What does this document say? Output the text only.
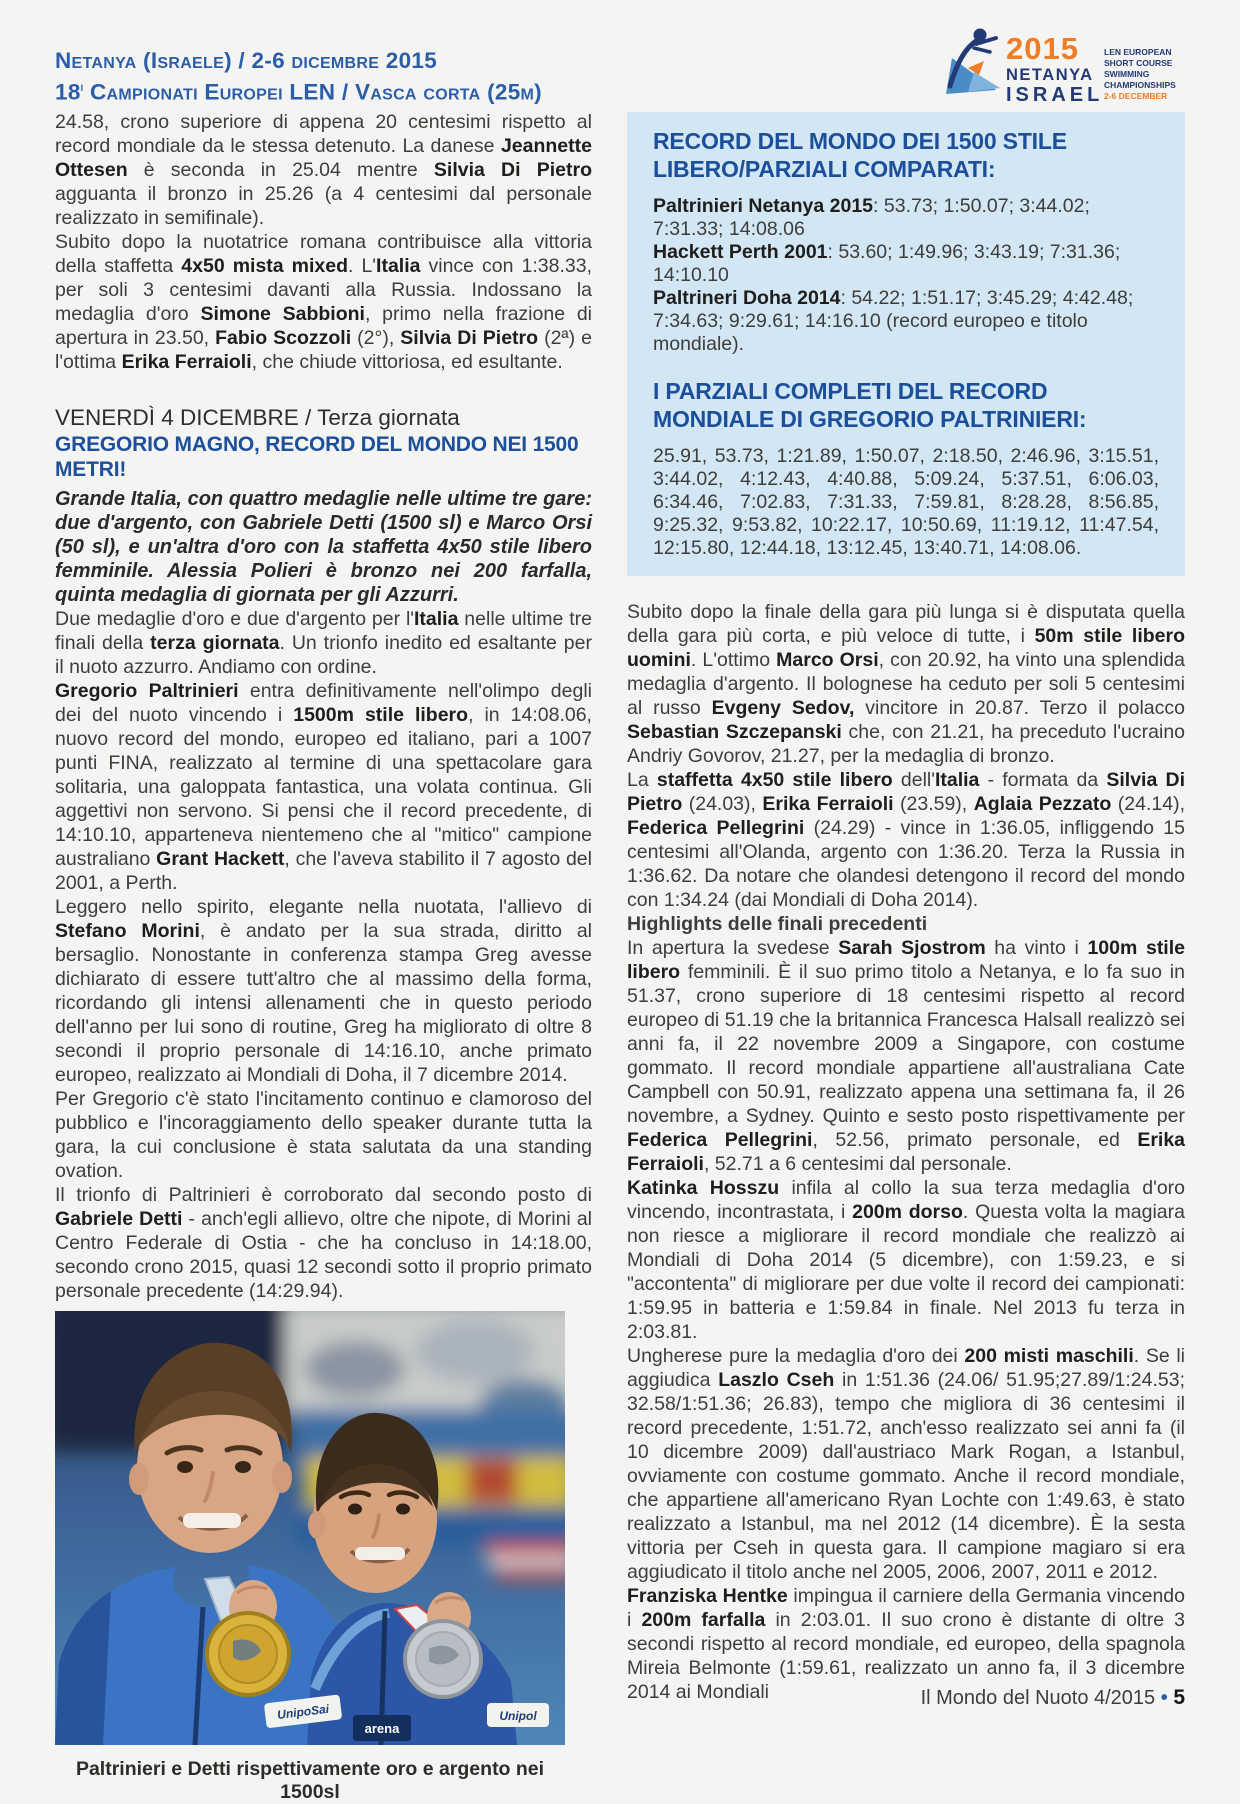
Netanya (Israele) / 2-6 dicembre 2015
18$^i$ Campionati Europei LEN / Vasca corta (25m)
2015
NETANYA
ISRAEL
LEN EUROPEAN
SHORT COURSE
SWIMMING
CHAMPIONSHIPS
2-6 DECEMBER

24.58, crono superiore di appena 20 centesimi rispetto al record mondiale da le stessa detenuto. La danese Jeannette Ottesen è seconda in 25.04 mentre Silvia Di Pietro agguanta il bronzo in 25.26 (a 4 centesimi dal personale realizzato in semifinale).

Subito dopo la nuotatrice romana contribuisce alla vittoria della staffetta 4x50 mista mixed. L'Italia vince con 1:38.33, per soli 3 centesimi davanti alla Russia. Indossano la medaglia d'oro Simone Sabbioni, primo nella frazione di apertura in 23.50, Fabio Scozzoli (2°), Silvia Di Pietro (2ª) e l'ottima Erika Ferraioli, che chiude vittoriosa, ed esultante.

VENERDÌ 4 DICEMBRE / Terza giornata
GREGORIO MAGNO, RECORD DEL MONDO NEI 1500 METRI!

Grande Italia, con quattro medaglie nelle ultime tre gare: due d'argento, con Gabriele Detti (1500 sl) e Marco Orsi (50 sl), e un'altra d'oro con la staffetta 4x50 stile libero femminile. Alessia Polieri è bronzo nei 200 farfalla, quinta medaglia di giornata per gli Azzurri.

Due medaglie d'oro e due d'argento per l'Italia nelle ultime tre finali della terza giornata. Un trionfo inedito ed esaltante per il nuoto azzurro. Andiamo con ordine.

Gregorio Paltrinieri entra definitivamente nell'olimpo degli dei del nuoto vincendo i 1500m stile libero, in 14:08.06, nuovo record del mondo, europeo ed italiano, pari a 1007 punti FINA, realizzato al termine di una spettacolare gara solitaria, una galoppata fantastica, una volata continua. Gli aggettivi non servono. Si pensi che il record precedente, di 14:10.10, apparteneva nientemeno che al "mitico" campione australiano Grant Hackett, che l'aveva stabilito il 7 agosto del 2001, a Perth.

Leggero nello spirito, elegante nella nuotata, l'allievo di Stefano Morini, è andato per la sua strada, diritto al bersaglio. Nonostante in conferenza stampa Greg avesse dichiarato di essere tutt'altro che al massimo della forma, ricordando gli intensi allenamenti che in questo periodo dell'anno per lui sono di routine, Greg ha migliorato di oltre 8 secondi il proprio personale di 14:16.10, anche primato europeo, realizzato ai Mondiali di Doha, il 7 dicembre 2014.

Per Gregorio c'è stato l'incitamento continuo e clamoroso del pubblico e l'incoraggiamento dello speaker durante tutta la gara, la cui conclusione è stata salutata da una standing ovation.

Il trionfo di Paltrinieri è corroborato dal secondo posto di Gabriele Detti - anch'egli allievo, oltre che nipote, di Morini al Centro Federale di Ostia - che ha concluso in 14:18.00, secondo crono 2015, quasi 12 secondi sotto il proprio primato personale precedente (14:29.94).

UnipoSai	Unipol
arena
Paltrinieri e Detti rispettivamente oro e argento nei 1500sl
RECORD DEL MONDO DEI 1500 STILE LIBERO/PARZIALI COMPARATI:

Paltrinieri Netanya 2015: 53.73; 1:50.07; 3:44.02; 7:31.33; 14:08.06

Hackett Perth 2001: 53.60; 1:49.96; 3:43.19; 7:31.36; 14:10.10

Paltrineri Doha 2014: 54.22; 1:51.17; 3:45.29; 4:42.48; 7:34.63; 9:29.61; 14:16.10 (record europeo e titolo mondiale).

I PARZIALI COMPLETI DEL RECORD MONDIALE DI GREGORIO PALTRINIERI:

25.91, 53.73, 1:21.89, 1:50.07, 2:18.50, 2:46.96, 3:15.51, 3:44.02, 4:12.43, 4:40.88, 5:09.24, 5:37.51, 6:06.03, 6:34.46, 7:02.83, 7:31.33, 7:59.81, 8:28.28, 8:56.85, 9:25.32, 9:53.82, 10:22.17, 10:50.69, 11:19.12, 11:47.54, 12:15.80, 12:44.18, 13:12.45, 13:40.71, 14:08.06.

Subito dopo la finale della gara più lunga si è disputata quella della gara più corta, e più veloce di tutte, i 50m stile libero uomini. L'ottimo Marco Orsi, con 20.92, ha vinto una splendida medaglia d'argento. Il bolognese ha ceduto per soli 5 centesimi al russo Evgeny Sedov, vincitore in 20.87. Terzo il polacco Sebastian Szczepanski che, con 21.21, ha preceduto l'ucraino Andriy Govorov, 21.27, per la medaglia di bronzo.

La staffetta 4x50 stile libero dell'Italia - formata da Silvia Di Pietro (24.03), Erika Ferraioli (23.59), Aglaia Pezzato (24.14), Federica Pellegrini (24.29) - vince in 1:36.05, infliggendo 15 centesimi all'Olanda, argento con 1:36.20. Terza la Russia in 1:36.62. Da notare che olandesi detengono il record del mondo con 1:34.24 (dai Mondiali di Doha 2014).

Highlights delle finali precedenti

In apertura la svedese Sarah Sjostrom ha vinto i 100m stile libero femminili. È il suo primo titolo a Netanya, e lo fa suo in 51.37, crono superiore di 18 centesimi rispetto al record europeo di 51.19 che la britannica Francesca Halsall realizzò sei anni fa, il 22 novembre 2009 a Singapore, con costume gommato. Il record mondiale appartiene all'australiana Cate Campbell con 50.91, realizzato appena una settimana fa, il 26 novembre, a Sydney. Quinto e sesto posto rispettivamente per Federica Pellegrini, 52.56, primato personale, ed Erika Ferraioli, 52.71 a 6 centesimi dal personale.

Katinka Hosszu infila al collo la sua terza medaglia d'oro vincendo, incontrastata, i 200m dorso. Questa volta la magiara non riesce a migliorare il record mondiale che realizzò ai Mondiali di Doha 2014 (5 dicembre), con 1:59.23, e si "accontenta" di migliorare per due volte il record dei campionati: 1:59.95 in batteria e 1:59.84 in finale. Nel 2013 fu terza in 2:03.81.

Ungherese pure la medaglia d'oro dei 200 misti maschili. Se li aggiudica Laszlo Cseh in 1:51.36 (24.06/ 51.95;27.89/1:24.53; 32.58/1:51.36; 26.83), tempo che migliora di 36 centesimi il record precedente, 1:51.72, anch'esso realizzato sei anni fa (il 10 dicembre 2009) dall'austriaco Mark Rogan, a Istanbul, ovviamente con costume gommato. Anche il record mondiale, che appartiene all'americano Ryan Lochte con 1:49.63, è stato realizzato a Istanbul, ma nel 2012 (14 dicembre). È la sesta vittoria per Cseh in questa gara. Il campione magiaro si era aggiudicato il titolo anche nel 2005, 2006, 2007, 2011 e 2012.

Franziska Hentke impingua il carniere della Germania vincendo i 200m farfalla in 2:03.01. Il suo crono è distante di oltre 3 secondi rispetto al record mondiale, ed europeo, della spagnola Mireia Belmonte (1:59.61, realizzato un anno fa, il 3 dicembre 2014 ai Mondiali	Il Mondo del Nuoto 4/2015 • 5
